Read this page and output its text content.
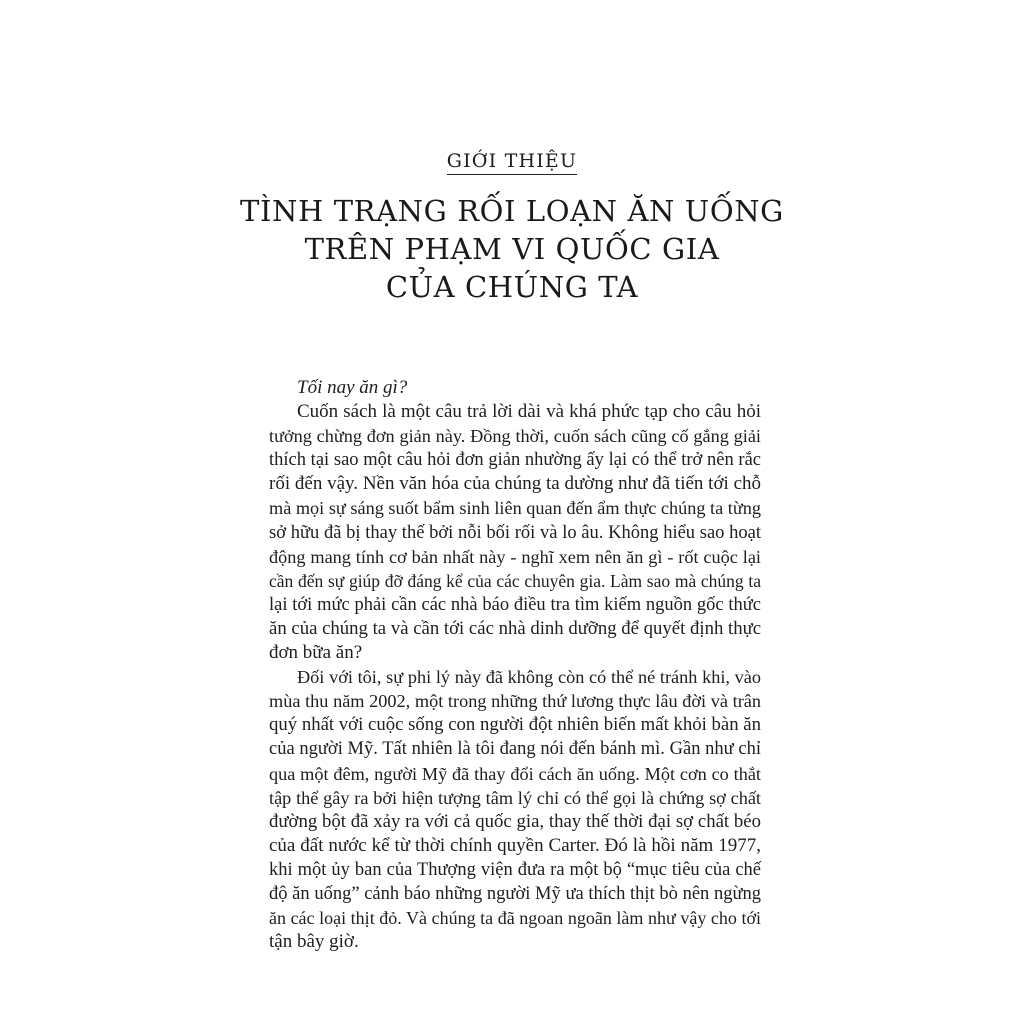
GIỚI THIỆU
TÌNH TRẠNG RỐI LOẠN ĂN UỐNG
TRÊN PHẠM VI QUỐC GIA
CỦA CHÚNG TA
Tối nay ăn gì?
Cuốn sách là một câu trả lời dài và khá phức tạp cho câu hỏi
tưởng chừng đơn giản này. Đồng thời, cuốn sách cũng cố gắng giải
thích tại sao một câu hỏi đơn giản nhường ấy lại có thể trở nên rắc
rối đến vậy. Nền văn hóa của chúng ta dường như đã tiến tới chỗ
mà mọi sự sáng suốt bẩm sinh liên quan đến ẩm thực chúng ta từng
sở hữu đã bị thay thế bởi nỗi bối rối và lo âu. Không hiểu sao hoạt
động mang tính cơ bản nhất này - nghĩ xem nên ăn gì - rốt cuộc lại
cần đến sự giúp đỡ đáng kể của các chuyên gia. Làm sao mà chúng ta
lại tới mức phải cần các nhà báo điều tra tìm kiếm nguồn gốc thức
ăn của chúng ta và cần tới các nhà dinh dưỡng để quyết định thực
đơn bữa ăn?
Đối với tôi, sự phi lý này đã không còn có thể né tránh khi, vào
mùa thu năm 2002, một trong những thứ lương thực lâu đời và trân
quý nhất với cuộc sống con người đột nhiên biến mất khỏi bàn ăn
của người Mỹ. Tất nhiên là tôi đang nói đến bánh mì. Gần như chỉ
qua một đêm, người Mỹ đã thay đổi cách ăn uống. Một cơn co thắt
tập thể gây ra bởi hiện tượng tâm lý chỉ có thể gọi là chứng sợ chất
đường bột đã xảy ra với cả quốc gia, thay thế thời đại sợ chất béo
của đất nước kể từ thời chính quyền Carter. Đó là hồi năm 1977,
khi một ủy ban của Thượng viện đưa ra một bộ “mục tiêu của chế
độ ăn uống” cảnh báo những người Mỹ ưa thích thịt bò nên ngừng
ăn các loại thịt đỏ. Và chúng ta đã ngoan ngoãn làm như vậy cho tới
tận bây giờ.
